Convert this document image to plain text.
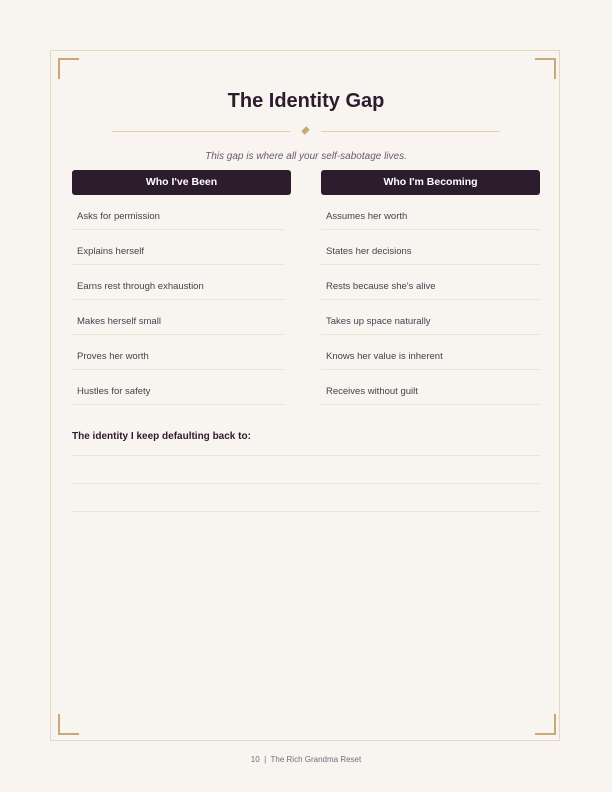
The Identity Gap
This gap is where all your self-sabotage lives.
Who I've Been
Asks for permission
Explains herself
Earns rest through exhaustion
Makes herself small
Proves her worth
Hustles for safety
Who I'm Becoming
Assumes her worth
States her decisions
Rests because she's alive
Takes up space naturally
Knows her value is inherent
Receives without guilt
The identity I keep defaulting back to:
10 | The Rich Grandma Reset
